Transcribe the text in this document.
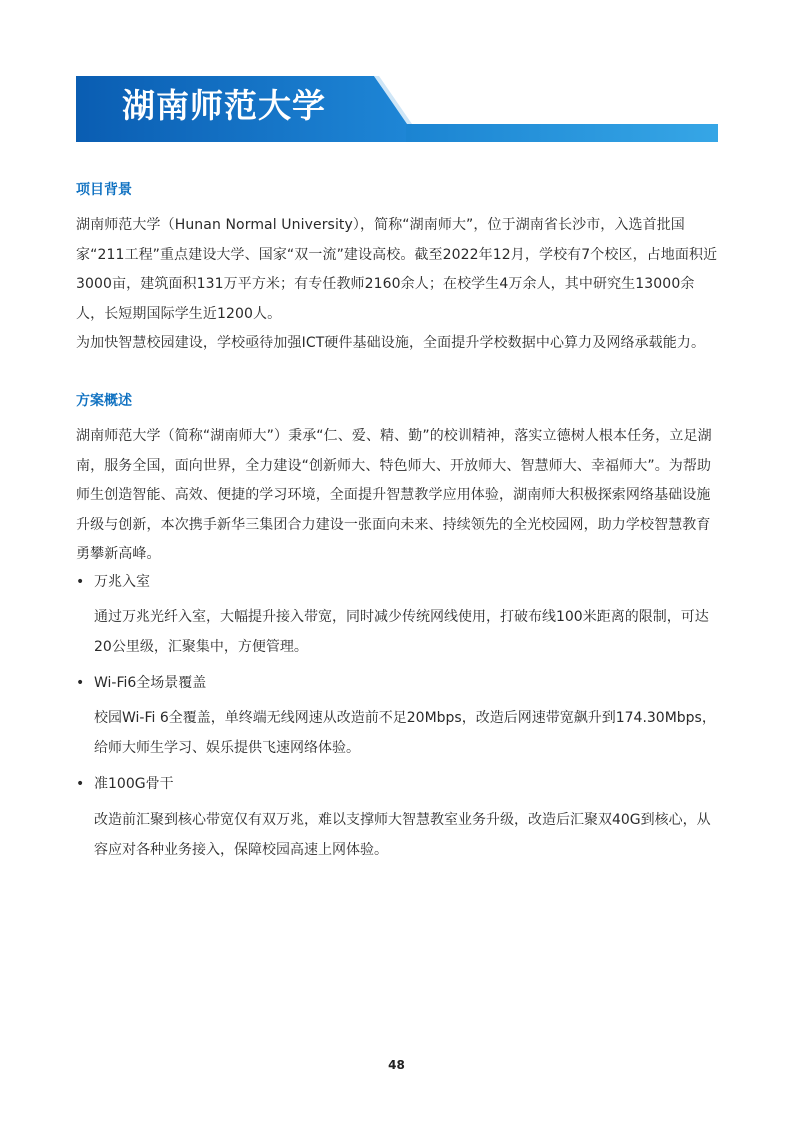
湖南师范大学
项目背景
湖南师范大学（Hunan Normal University），简称“湖南师大”，位于湖南省长沙市，入选首批国家“211工程”重点建设大学、国家“双一流”建设高校。截至2022年12月，学校有7个校区，占地面积近3000亩，建筑面积131万平方米；有专任教师2160余人；在校学生4万余人，其中研究生13000余人，长短期国际学生近1200人。
为加快智慧校园建设，学校亟待加强ICT硬件基础设施，全面提升学校数据中心算力及网络承载能力。
方案概述
湖南师范大学（简称“湖南师大”）秉承“仁、爱、精、勤”的校训精神，落实立德树人根本任务，立足湖南，服务全国，面向世界，全力建设“创新师大、特色师大、开放师大、智慧师大、幸福师大”。为帮助师生创造智能、高效、便捷的学习环境，全面提升智慧教学应用体验，湖南师大积极探索网络基础设施升级与创新，本次携手新华三集团合力建设一张面向未来、持续领先的全光校园网，助力学校智慧教育勇攀新高峰。
• 万兆入室
通过万兆光纤入室，大幅提升接入带宽，同时减少传统网线使用，打破布线100米距离的限制，可达20公里级，汇聚集中，方便管理。
• Wi-Fi6全场景覆盖
校园Wi-Fi 6全覆盖，单终端无线网速从改造前不足20Mbps，改造后网速带宽飙升到174.30Mbps，给师大师生学习、娱乐提供飞速网络体验。
• 准100G骨干
改造前汇聚到核心带宽仅有双万兆，难以支撑师大智慧教室业务升级，改造后汇聚双40G到核心，从容应对各种业务接入，保障校园高速上网体验。
48
